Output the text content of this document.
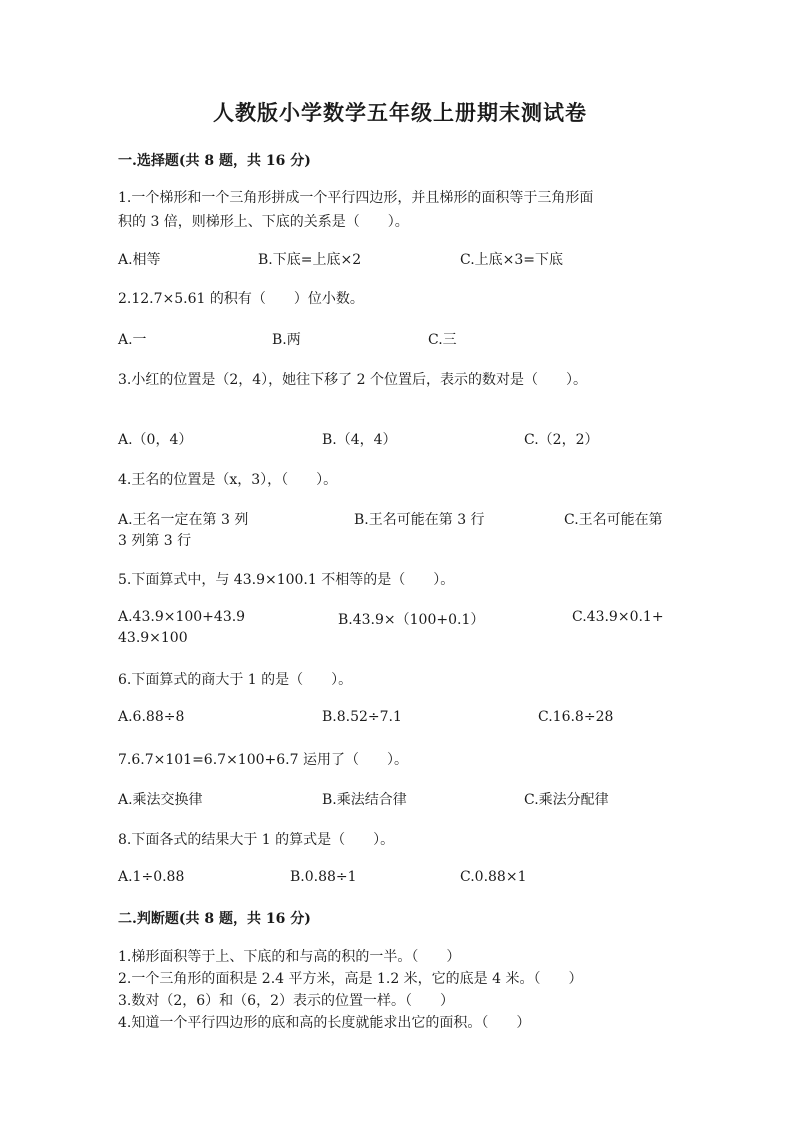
人教版小学数学五年级上册期末测试卷
一.选择题(共 8 题，共 16 分)
1.一个梯形和一个三角形拼成一个平行四边形，并且梯形的面积等于三角形面
积的 3 倍，则梯形上、下底的关系是（　　）。
A.相等	B.下底=上底×2	C.上底×3=下底
2.12.7×5.61 的积有（　　）位小数。
A.一	B.两	C.三
3.小红的位置是（2，4），她往下移了 2 个位置后，表示的数对是（　　）。
A.（0，4）	B.（4，4）	C.（2，2）
4.王名的位置是（x，3），（　　）。
A.王名一定在第 3 列	B.王名可能在第 3 行	C.王名可能在第
3 列第 3 行
5.下面算式中，与 43.9×100.1 不相等的是（　　）。
A.43.9×100+43.9	B.43.9×（100+0.1）	C.43.9×0.1+
43.9×100
6.下面算式的商大于 1 的是（　　）。
A.6.88÷8	B.8.52÷7.1	C.16.8÷28
7.6.7×101=6.7×100+6.7 运用了（　　）。
A.乘法交换律	B.乘法结合律	C.乘法分配律
8.下面各式的结果大于 1 的算式是（　　）。
A.1÷0.88	B.0.88÷1	C.0.88×1
二.判断题(共 8 题，共 16 分)
1.梯形面积等于上、下底的和与高的积的一半。（　　）
2.一个三角形的面积是 2.4 平方米，高是 1.2 米，它的底是 4 米。（　　）
3.数对（2，6）和（6，2）表示的位置一样。（　　）
4.知道一个平行四边形的底和高的长度就能求出它的面积。（　　）
